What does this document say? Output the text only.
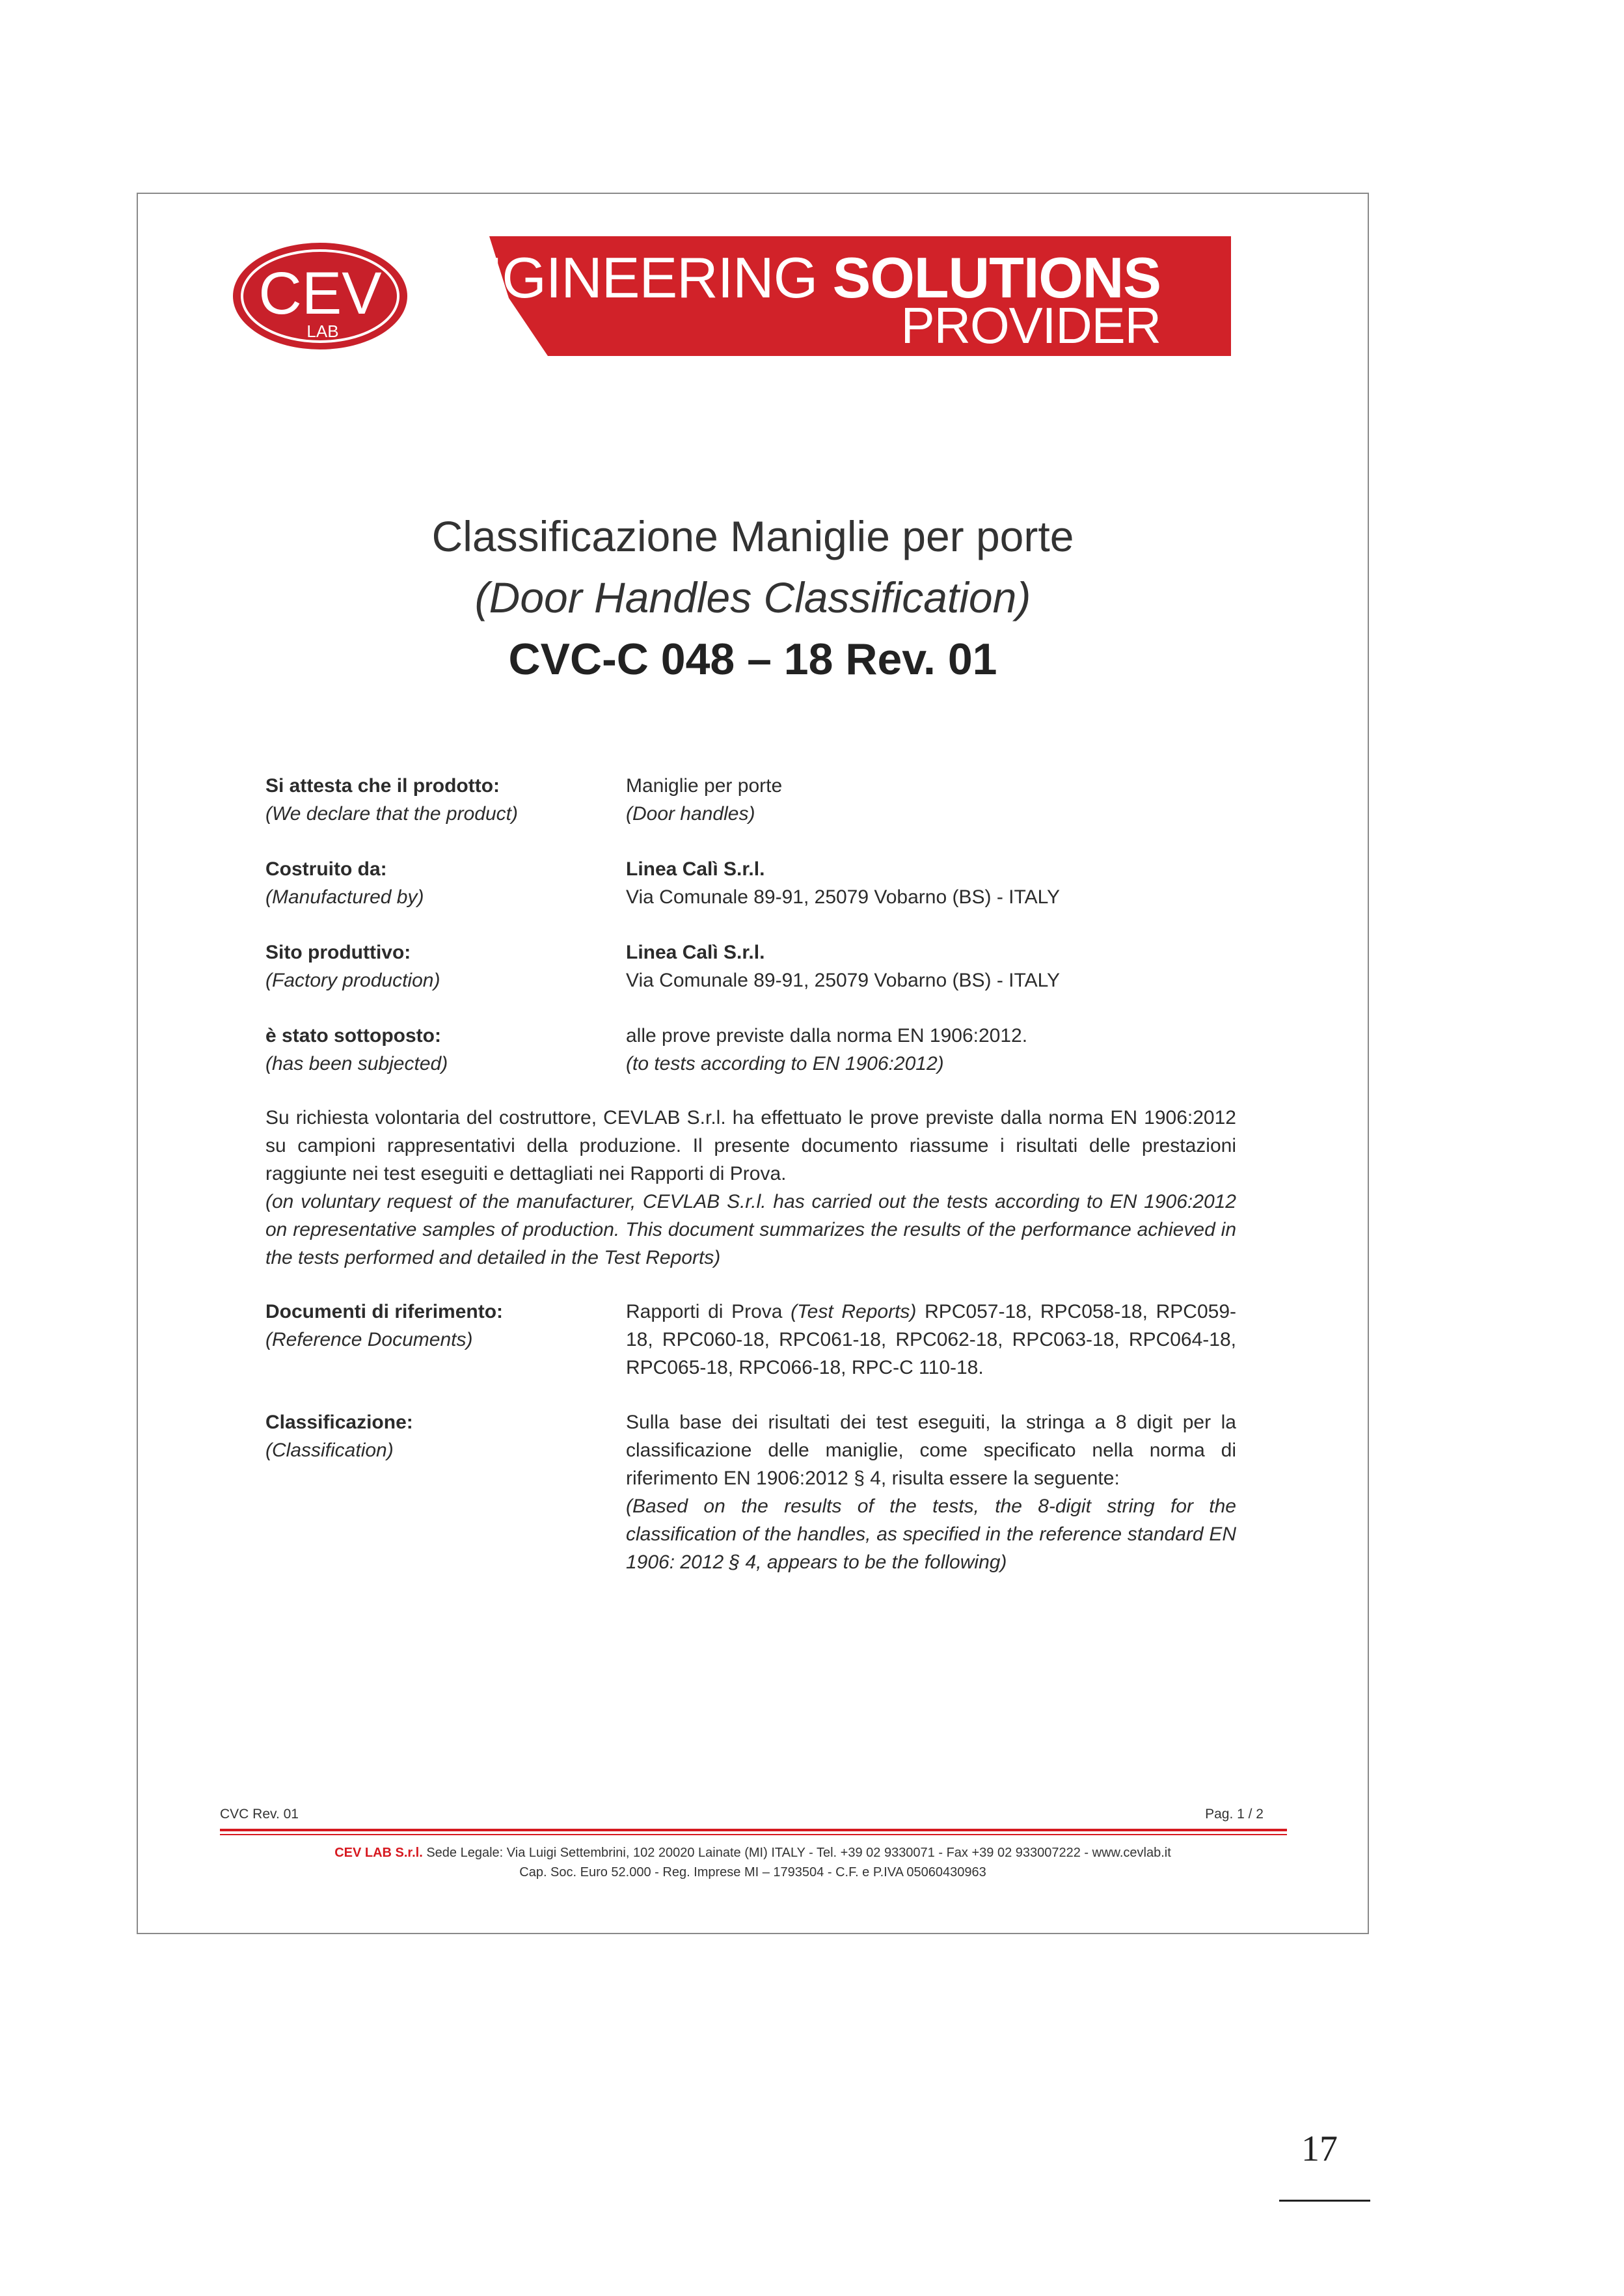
CEV
LAB
ENGINEERING SOLUTIONS
PROVIDER
Classificazione Maniglie per porte
(Door Handles Classification)
CVC-C 048 – 18 Rev. 01
Si attesta che il prodotto:
(We declare that the product)
Maniglie per porte
(Door handles)
Costruito da:
(Manufactured by)
Linea Calì S.r.l.
Via Comunale 89-91, 25079 Vobarno (BS) - ITALY
Sito produttivo:
(Factory production)
Linea Calì S.r.l.
Via Comunale 89-91, 25079 Vobarno (BS) - ITALY
è stato sottoposto:
(has been subjected)
alle prove previste dalla norma EN 1906:2012.
(to tests according to EN 1906:2012)

Su richiesta volontaria del costruttore, CEVLAB S.r.l. ha effettuato le prove previste dalla norma EN 1906:2012 su campioni rappresentativi della produzione. Il presente documento riassume i risultati delle prestazioni raggiunte nei test eseguiti e dettagliati nei Rapporti di Prova.

(on voluntary request of the manufacturer, CEVLAB S.r.l. has carried out the tests according to EN 1906:2012 on representative samples of production. This document summarizes the results of the performance achieved in the tests performed and detailed in the Test Reports)

Documenti di riferimento:
(Reference Documents)

Rapporti di Prova (Test Reports) RPC057-18, RPC058-18, RPC059-18, RPC060-18, RPC061-18, RPC062-18, RPC063-18, RPC064-18, RPC065-18, RPC066-18, RPC-C 110-18.

Classificazione:
(Classification)

Sulla base dei risultati dei test eseguiti, la stringa a 8 digit per la classificazione delle maniglie, come specificato nella norma di riferimento EN 1906:2012 § 4, risulta essere la seguente:

(Based on the results of the tests, the 8-digit string for the classification of the handles, as specified in the reference standard EN 1906: 2012 § 4, appears to be the following)

CVC Rev. 01	Pag. 1 / 2
CEV LAB S.r.l. Sede Legale: Via Luigi Settembrini, 102 20020 Lainate (MI) ITALY - Tel. +39 02 9330071 - Fax +39 02 933007222 - www.cevlab.it
Cap. Soc. Euro 52.000 - Reg. Imprese MI – 1793504 - C.F. e P.IVA 05060430963
17
